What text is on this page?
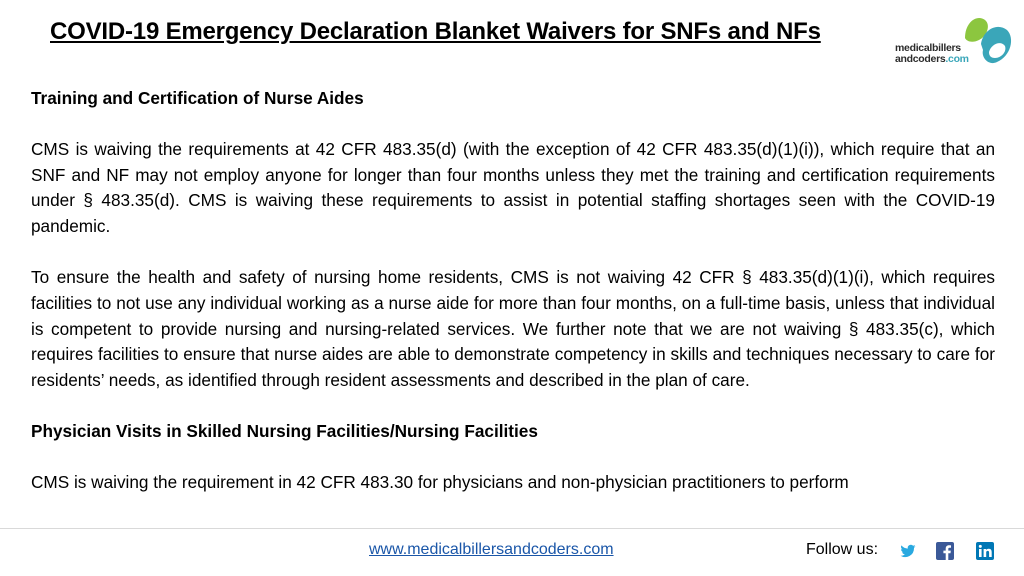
COVID-19 Emergency Declaration Blanket Waivers for SNFs and NFs
medicalbillers
andcoders.com
Training and Certification of Nurse Aides
CMS is waiving the requirements at 42 CFR 483.35(d) (with the exception of 42 CFR 483.35(d)(1)(i)), which require that an SNF and NF may not employ anyone for longer than four months unless they met the training and certification requirements under § 483.35(d). CMS is waiving these requirements to assist in potential staffing shortages seen with the COVID-19 pandemic.
To ensure the health and safety of nursing home residents, CMS is not waiving 42 CFR § 483.35(d)(1)(i), which requires facilities to not use any individual working as a nurse aide for more than four months, on a full-time basis, unless that individual is competent to provide nursing and nursing-related services. We further note that we are not waiving § 483.35(c), which requires facilities to ensure that nurse aides are able to demonstrate competency in skills and techniques necessary to care for residents’ needs, as identified through resident assessments and described in the plan of care.
Physician Visits in Skilled Nursing Facilities/Nursing Facilities
CMS is waiving the requirement in 42 CFR 483.30 for physicians and non-physician practitioners to perform
www.medicalbillersandcoders.com	Follow us:
